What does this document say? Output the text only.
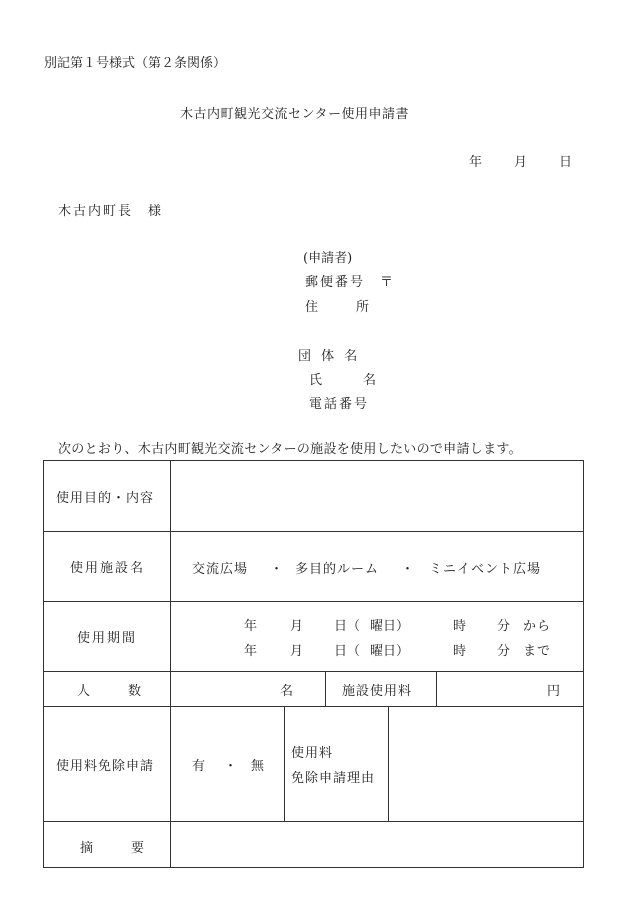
別記第１号様式（第２条関係）
木古内町観光交流センター使用申請書
年 月 日
木古内町長　様
(申請者)
郵便番号 〒
住　　所
団 体 名
氏　　名
電話番号
次のとおり、木古内町観光交流センターの施設を使用したいので申請します。
使用目的・内容
使用施設名	交流広場 ・ 多目的ルーム ・ ミニイベント広場
使用期間
年	月 日（ 曜日）	時 分 から
年	月 日（ 曜日）	時 分 まで
人　　数	名	施設使用料	円
使用料免除申請	有 ・ 無
使用料
免除申請理由
摘　　要
